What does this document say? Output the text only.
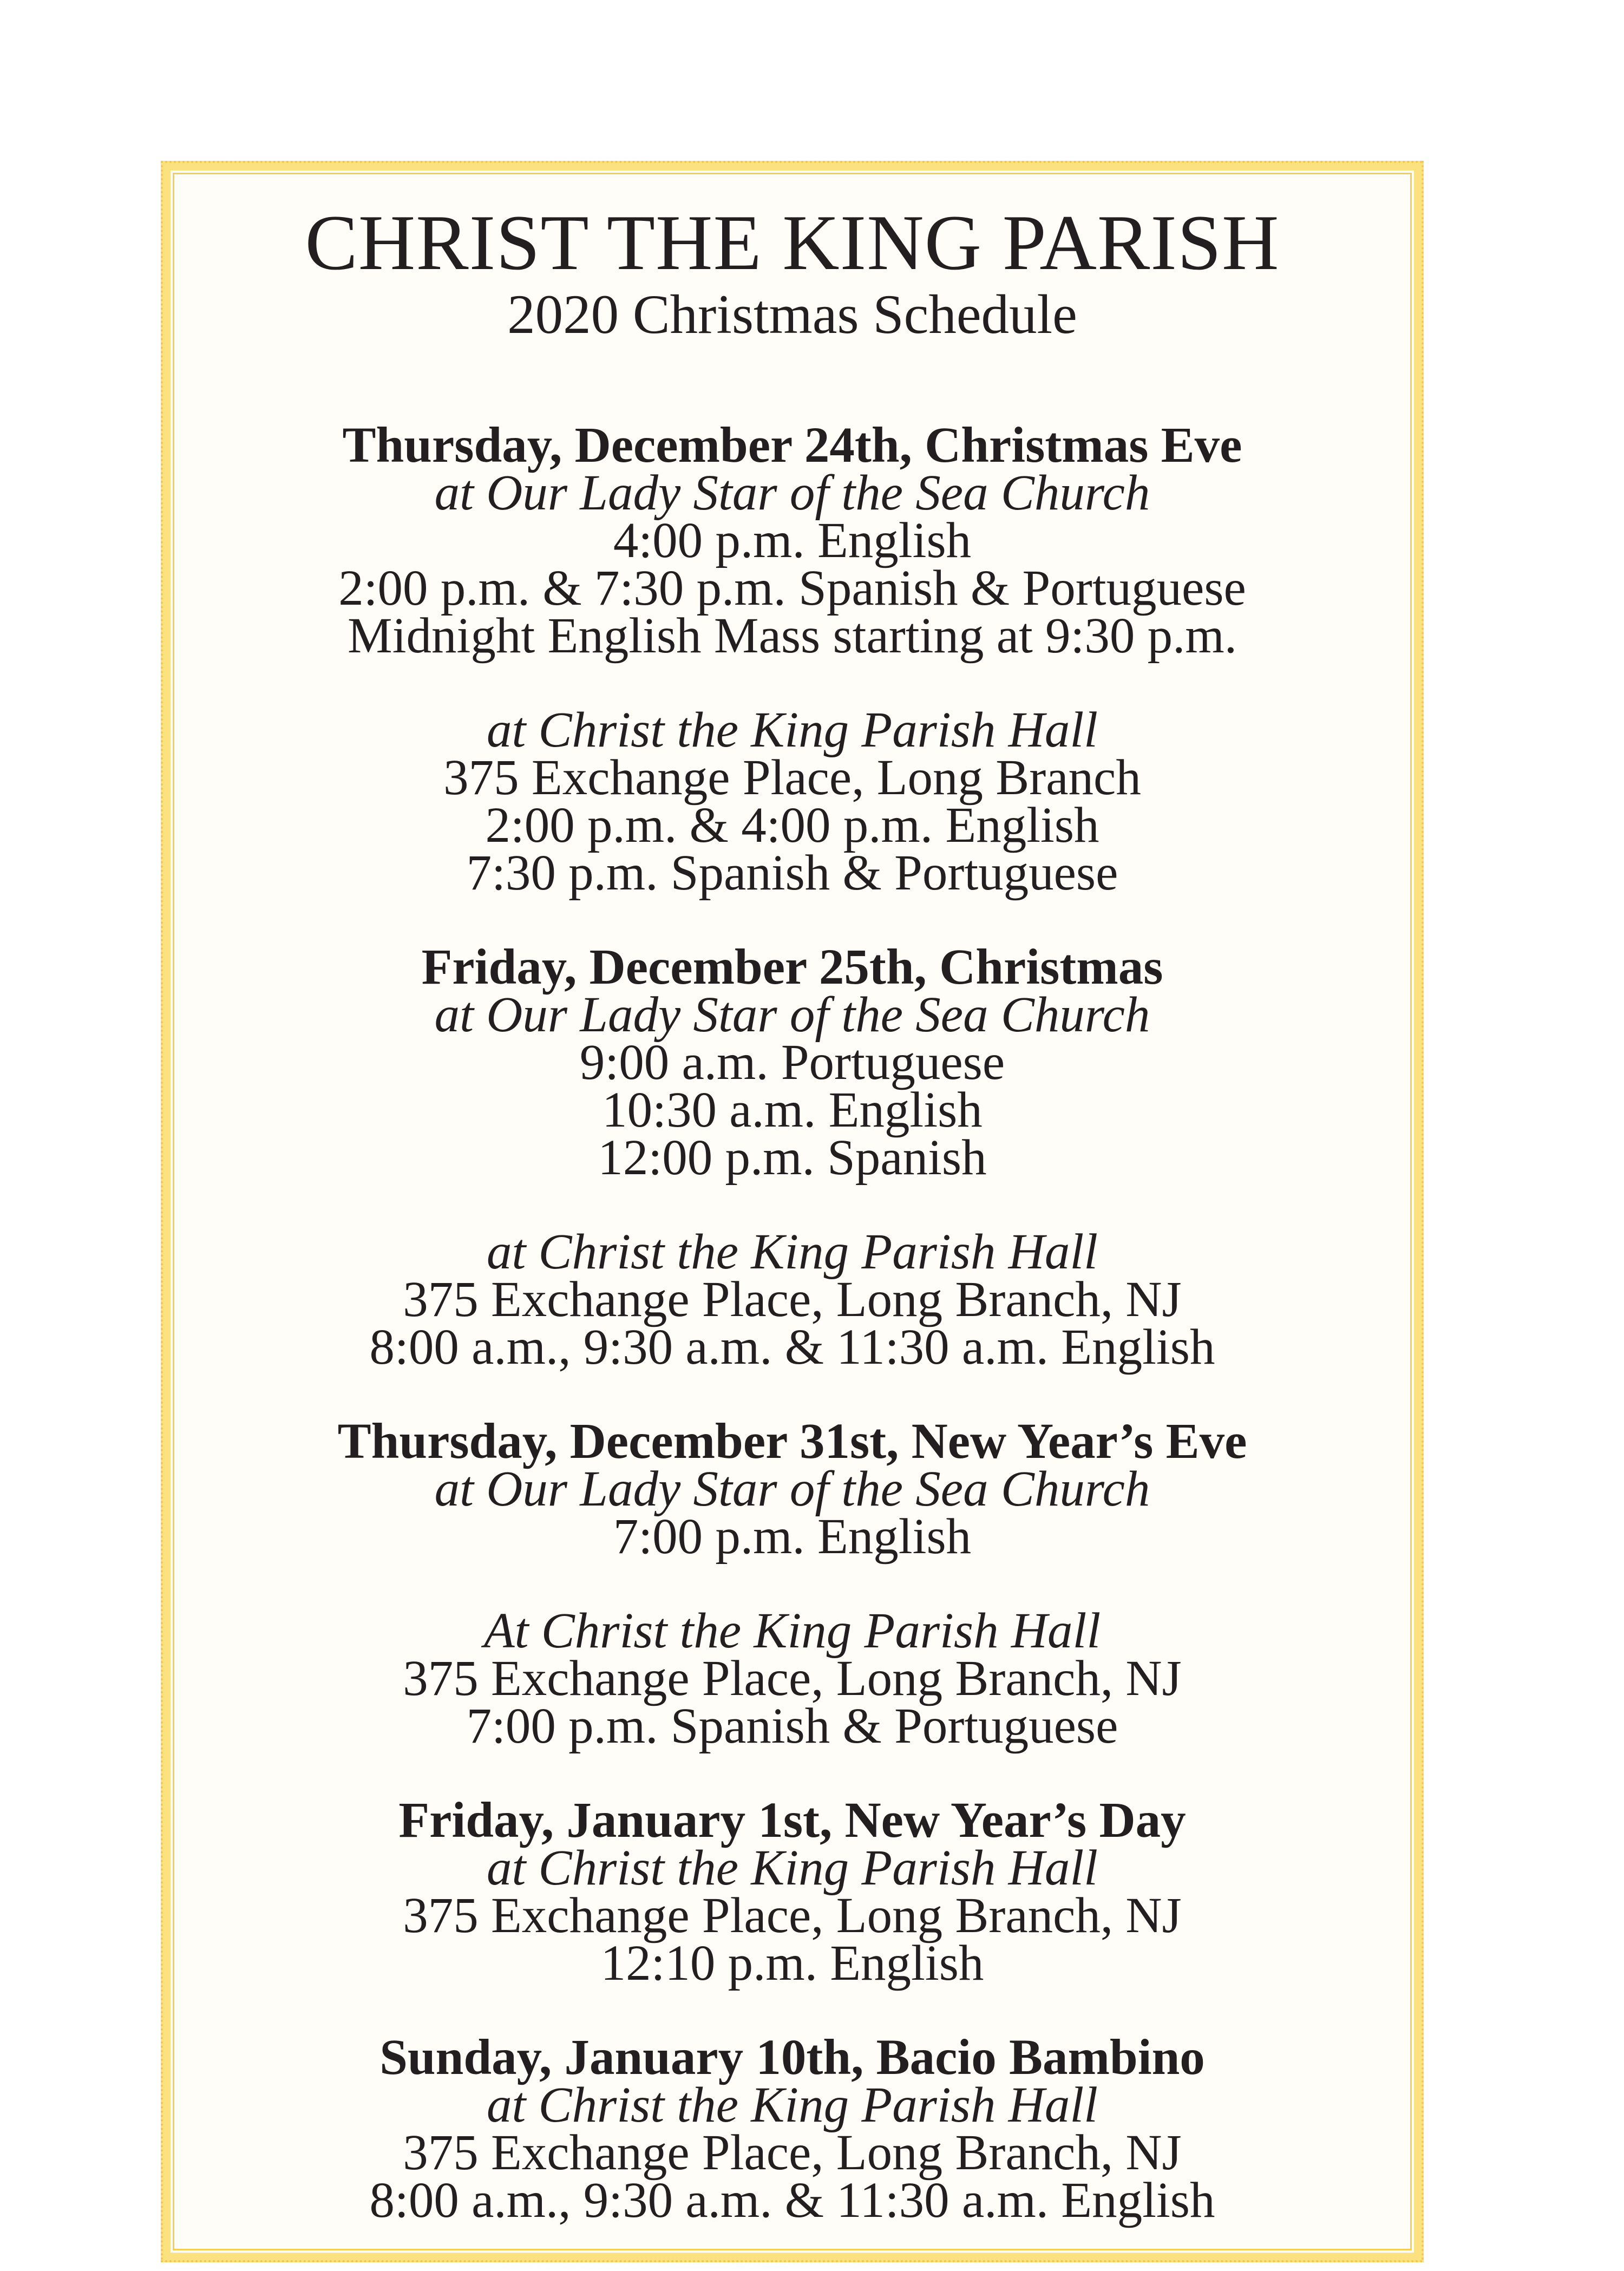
CHRIST THE KING PARISH
2020 Christmas Schedule
Thursday, December 24th, Christmas Eve
at Our Lady Star of the Sea Church
4:00 p.m. English
2:00 p.m. & 7:30 p.m. Spanish & Portuguese
Midnight English Mass starting at 9:30 p.m.
at Christ the King Parish Hall
375 Exchange Place, Long Branch
2:00 p.m. & 4:00 p.m. English
7:30 p.m. Spanish & Portuguese
Friday, December 25th, Christmas
at Our Lady Star of the Sea Church
9:00 a.m. Portuguese
10:30 a.m. English
12:00 p.m. Spanish
at Christ the King Parish Hall
375 Exchange Place, Long Branch, NJ
8:00 a.m., 9:30 a.m. & 11:30 a.m. English
Thursday, December 31st, New Year’s Eve
at Our Lady Star of the Sea Church
7:00 p.m. English
At Christ the King Parish Hall
375 Exchange Place, Long Branch, NJ
7:00 p.m. Spanish & Portuguese
Friday, January 1st, New Year’s Day
at Christ the King Parish Hall
375 Exchange Place, Long Branch, NJ
12:10 p.m. English
Sunday, January 10th, Bacio Bambino
at Christ the King Parish Hall
375 Exchange Place, Long Branch, NJ
8:00 a.m., 9:30 a.m. & 11:30 a.m. English
